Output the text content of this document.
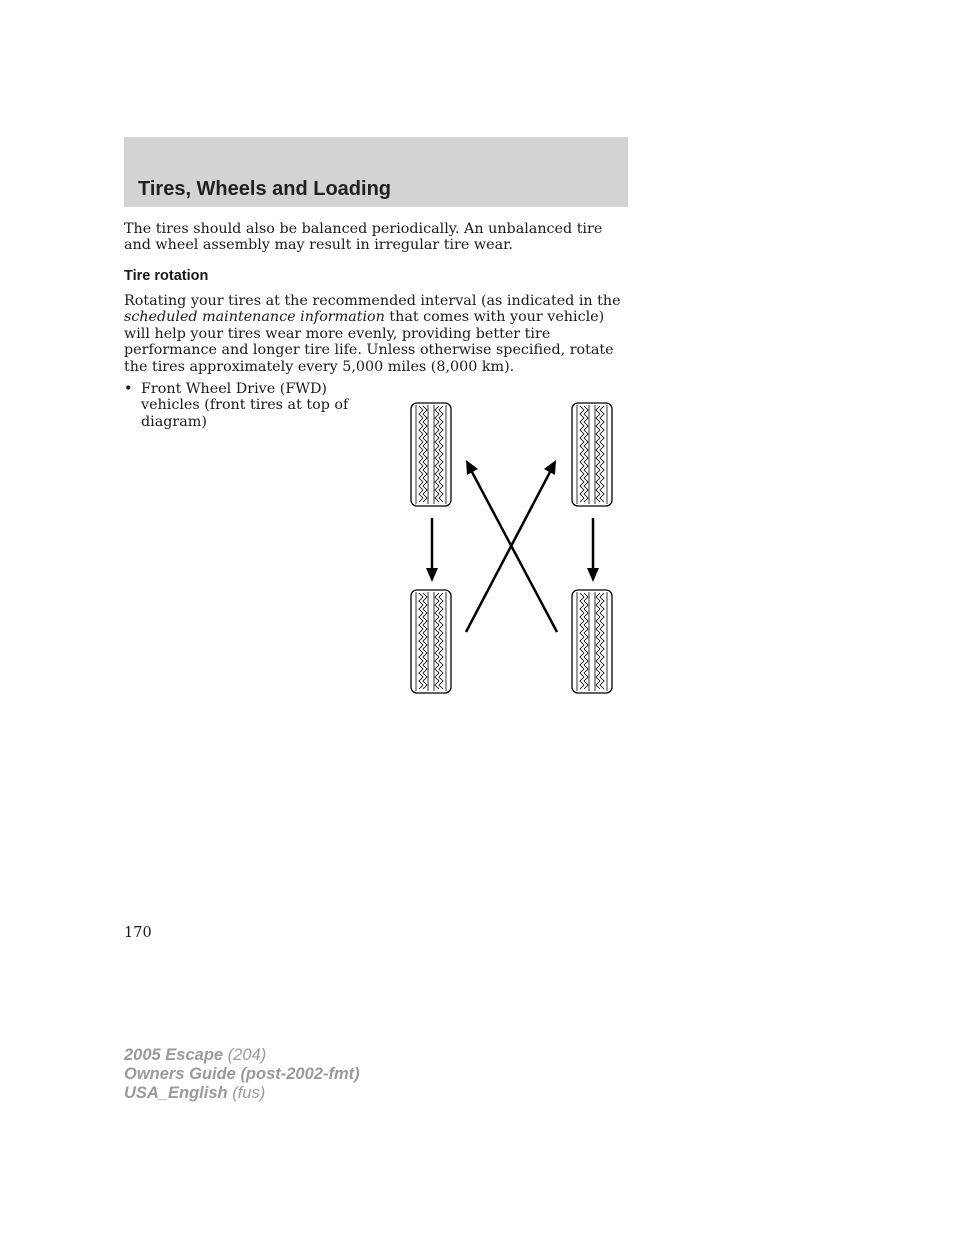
Tires, Wheels and Loading

The tires should also be balanced periodically. An unbalanced tire and wheel assembly may result in irregular tire wear.

Tire rotation

Rotating your tires at the recommended interval (as indicated in the scheduled maintenance information that comes with your vehicle) will help your tires wear more evenly, providing better tire performance and longer tire life. Unless otherwise specified, rotate the tires approximately every 5,000 miles (8,000 km).

• Front Wheel Drive (FWD) vehicles (front tires at top of diagram)

170

2005 Escape (204)
Owners Guide (post-2002-fmt)
USA_English (fus)
